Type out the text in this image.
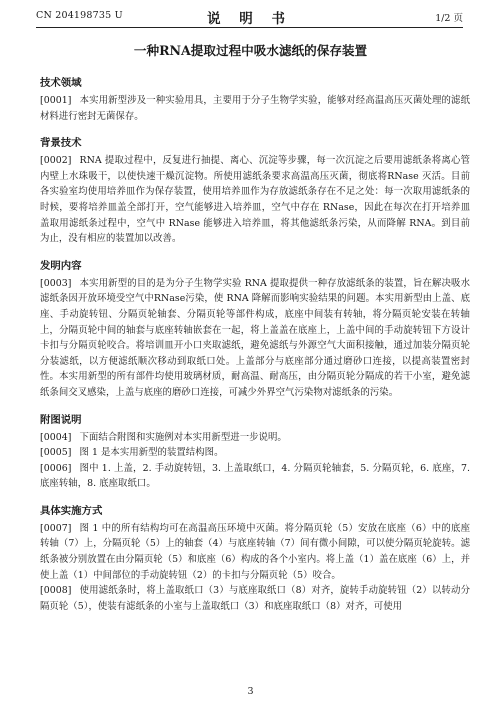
CN 204198735 U	说 明 书	1/2 页
一种RNA提取过程中吸水滤纸的保存装置
技术领域

[0001] 本实用新型涉及一种实验用具，主要用于分子生物学实验，能够对经高温高压灭菌处理的滤纸材料进行密封无菌保存。

背景技术

[0002] RNA 提取过程中，反复进行抽提、离心、沉淀等步骤，每一次沉淀之后要用滤纸条将离心管内壁上水珠吸干，以使快速干燥沉淀物。所使用滤纸条要求高温高压灭菌，彻底将RNase 灭活。目前各实验室均使用培养皿作为保存装置，使用培养皿作为存放滤纸条存在不足之处：每一次取用滤纸条的时候，要将培养皿盖全部打开，空气能够进入培养皿，空气中存在 RNase，因此在每次在打开培养皿盖取用滤纸条过程中，空气中 RNase 能够进入培养皿，将其他滤纸条污染，从而降解 RNA。到目前为止，没有相应的装置加以改善。

发明内容

[0003] 本实用新型的目的是为分子生物学实验 RNA 提取提供一种存放滤纸条的装置，旨在解决吸水滤纸条因开放环境受空气中RNase污染，使 RNA 降解而影响实验结果的问题。本实用新型由上盖、底座、手动旋转钮、分隔页轮轴套、分隔页轮等部件构成，底座中间装有转轴，将分隔页轮安装在转轴上，分隔页轮中间的轴套与底座转轴嵌套在一起，将上盖盖在底座上，上盖中间的手动旋转钮下方设计卡扣与分隔页轮咬合。将培训皿开小口夹取滤纸，避免滤纸与外源空气大面积接触，通过加装分隔页轮分装滤纸，以方便滤纸顺次移动到取纸口处。上盖部分与底座部分通过磨砂口连接，以提高装置密封性。本实用新型的所有部件均使用玻璃材质，耐高温、耐高压，由分隔页轮分隔成的若干小室，避免滤纸条间交叉感染，上盖与底座的磨砂口连接，可减少外界空气污染物对滤纸条的污染。

附图说明

[0004] 下面结合附图和实施例对本实用新型进一步说明。

[0005] 图 1 是本实用新型的装置结构图。

[0006] 图中 1. 上盖，2. 手动旋转钮，3. 上盖取纸口，4. 分隔页轮轴套，5. 分隔页轮，6. 底座，7. 底座转轴，8. 底座取纸口。

具体实施方式

[0007] 图 1 中的所有结构均可在高温高压环境中灭菌。将分隔页轮（5）安放在底座（6）中的底座转轴（7）上，分隔页轮（5）上的轴套（4）与底座转轴（7）间有微小间隙，可以使分隔页轮旋转。滤纸条被分别放置在由分隔页轮（5）和底座（6）构成的各个小室内。将上盖（1）盖在底座（6）上，并使上盖（1）中间部位的手动旋转钮（2）的卡扣与分隔页轮（5）咬合。

[0008] 使用滤纸条时，将上盖取纸口（3）与底座取纸口（8）对齐，旋转手动旋转钮（2）以转动分隔页轮（5），使装有滤纸条的小室与上盖取纸口（3）和底座取纸口（8）对齐，可使用

3
